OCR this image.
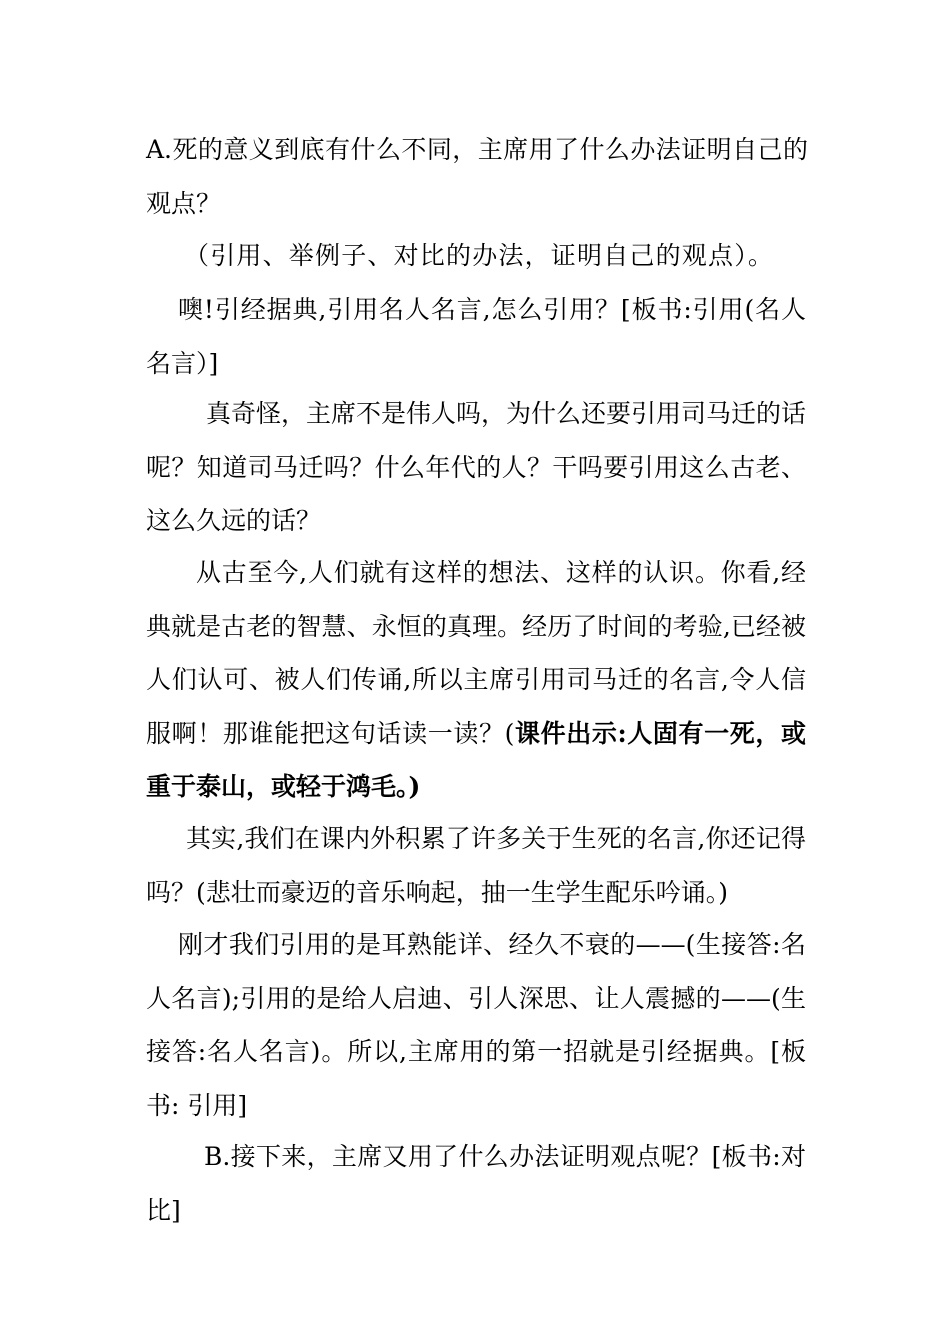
A.死的意义到底有什么不同，主席用了什么办法证明自己的观点？

（引用、举例子、对比的办法，证明自己的观点）。

噢!引经据典,引用名人名言,怎么引用？[板书:引用(名人名言）]

真奇怪，主席不是伟人吗，为什么还要引用司马迁的话呢？知道司马迁吗？什么年代的人？干吗要引用这么古老、这么久远的话？

从古至今,人们就有这样的想法、这样的认识。你看,经典就是古老的智慧、永恒的真理。经历了时间的考验,已经被人们认可、被人们传诵,所以主席引用司马迁的名言,令人信服啊！那谁能把这句话读一读？(课件出示:人固有一死，或重于泰山，或轻于鸿毛。)

其实,我们在课内外积累了许多关于生死的名言,你还记得吗？(悲壮而豪迈的音乐响起，抽一生学生配乐吟诵。)

刚才我们引用的是耳熟能详、经久不衰的——(生接答:名人名言);引用的是给人启迪、引人深思、让人震撼的——(生接答:名人名言)。所以,主席用的第一招就是引经据典。[板书: 引用]

B.接下来，主席又用了什么办法证明观点呢？[板书:对比]
